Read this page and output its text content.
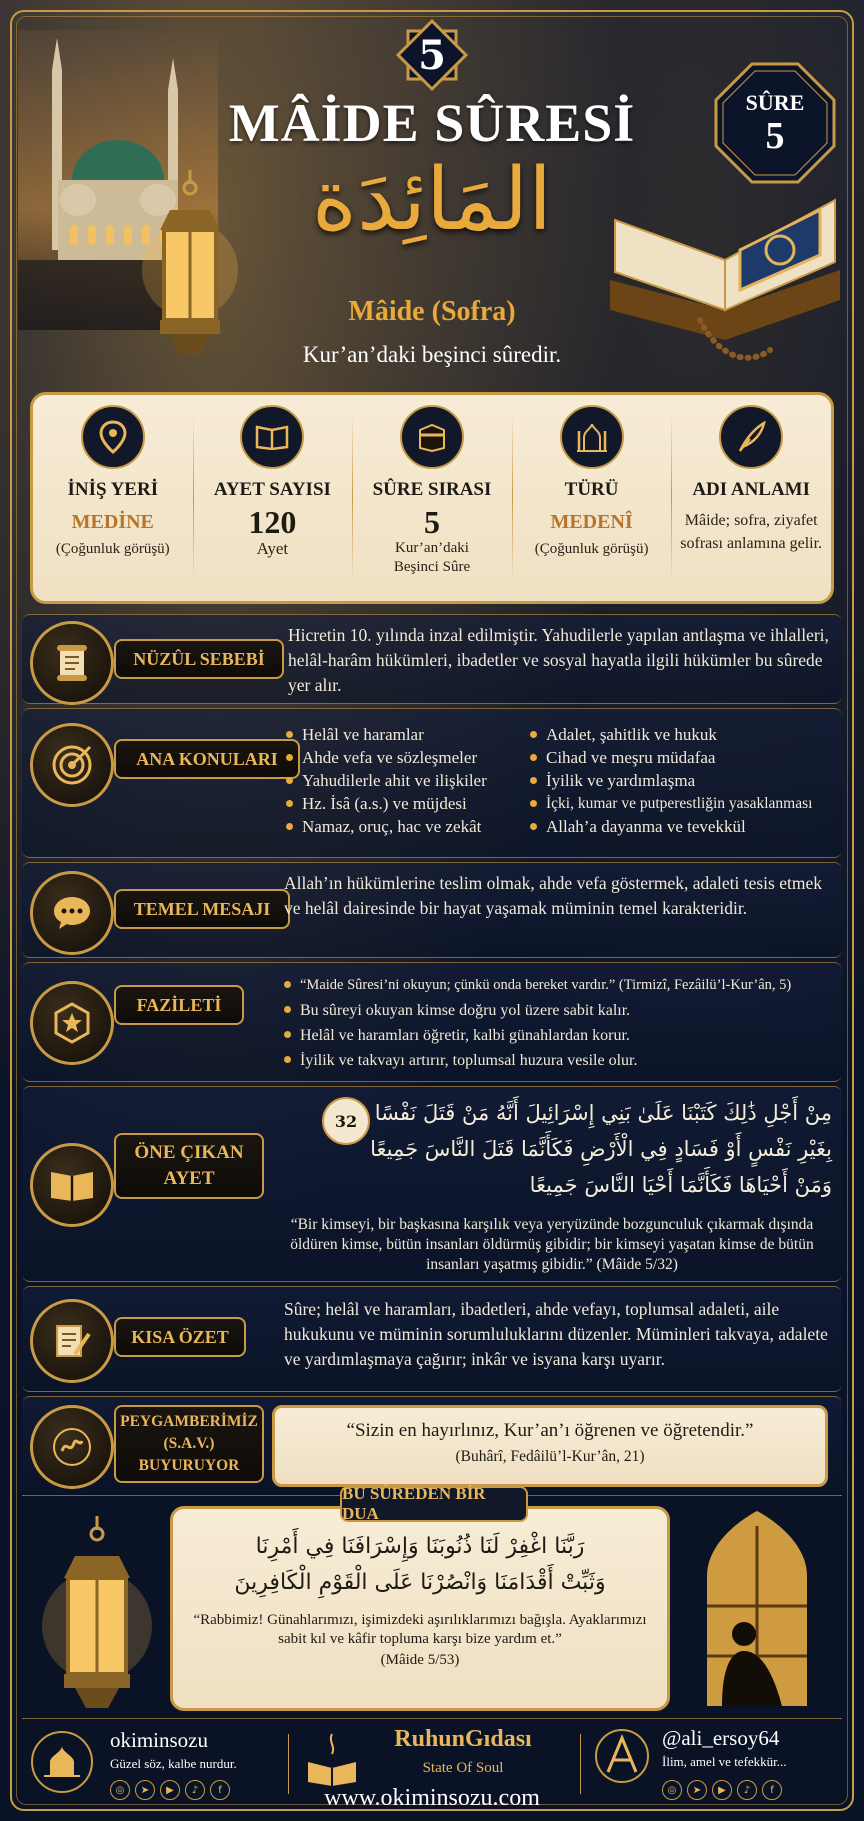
5
MÂİDE SÛRESİ
المَائِدَة
Mâide (Sofra)
Kur’an’daki beşinci sûredir.
SÛRE
5
İNİŞ YERİ
MEDİNE
(Çoğunluk görüşü)
AYET SAYISI
120
Ayet
SÛRE SIRASI
5
Kur’an’daki Beşinci Sûre
TÜRÜ
MEDENÎ
(Çoğunluk görüşü)
ADI ANLAMI
Mâide; sofra, ziyafet sofrası anlamına gelir.
NÜZÛL SEBEBİ
Hicretin 10. yılında inzal edilmiştir. Yahudilerle yapılan antlaşma ve ihlalleri, helâl-harâm hükümleri, ibadetler ve sosyal hayatla ilgili hükümler bu sûrede yer alır.
ANA KONULARI
Helâl ve haramlar
Ahde vefa ve sözleşmeler
Yahudilerle ahit ve ilişkiler
Hz. İsâ (a.s.) ve müjdesi
Namaz, oruç, hac ve zekât
Adalet, şahitlik ve hukuk
Cihad ve meşru müdafaa
İyilik ve yardımlaşma
İçki, kumar ve putperestliğin yasaklanması
Allah’a dayanma ve tevekkül
TEMEL MESAJI
Allah’ın hükümlerine teslim olmak, ahde vefa göstermek, adaleti tesis etmek ve helâl dairesinde bir hayat yaşamak müminin temel karakteridir.
FAZİLETİ
“Maide Sûresi’ni okuyun; çünkü onda bereket vardır.” (Tirmizî, Fezâilü’l-Kur’ân, 5)
Bu sûreyi okuyan kimse doğru yol üzere sabit kalır.
Helâl ve haramları öğretir, kalbi günahlardan korur.
İyilik ve takvayı artırır, toplumsal huzura vesile olur.
ÖNE ÇIKAN AYET
32 مِنْ أَجْلِ ذَٰلِكَ كَتَبْنَا عَلَىٰ بَنِي إِسْرَائِيلَ أَنَّهُ مَنْ قَتَلَ نَفْسًا بِغَيْرِ نَفْسٍ أَوْ فَسَادٍ فِي الْأَرْضِ فَكَأَنَّمَا قَتَلَ النَّاسَ جَمِيعًا وَمَنْ أَحْيَاهَا فَكَأَنَّمَا أَحْيَا النَّاسَ جَمِيعًا
“Bir kimseyi, bir başkasına karşılık veya yeryüzünde bozgunculuk çıkarmak dışında öldüren kimse, bütün insanları öldürmüş gibidir; bir kimseyi yaşatan kimse de bütün insanları yaşatmış gibidir.” (Mâide 5/32)
KISA ÖZET
Sûre; helâl ve haramları, ibadetleri, ahde vefayı, toplumsal adaleti, aile hukukunu ve müminin sorumluluklarını düzenler. Müminleri takvaya, adalete ve yardımlaşmaya çağırır; inkâr ve isyana karşı uyarır.
PEYGAMBERİMİZ (S.A.V.) BUYURUYOR
“Sizin en hayırlınız, Kur’an’ı öğrenen ve öğretendir.”
(Buhârî, Fedâilü’l-Kur’ân, 21)
BU SÛREDEN BİR DUA
رَبَّنَا اغْفِرْ لَنَا ذُنُوبَنَا وَإِسْرَافَنَا فِي أَمْرِنَا
وَثَبِّتْ أَقْدَامَنَا وَانْصُرْنَا عَلَى الْقَوْمِ الْكَافِرِينَ
“Rabbimiz! Günahlarımızı, işimizdeki aşırılıklarımızı bağışla. Ayaklarımızı sabit kıl ve kâfir topluma karşı bize yardım et.”
(Mâide 5/53)
okiminsozu
Güzel söz, kalbe nurdur.
◎	➤	▶	♪	f
RuhunGıdası
State Of Soul
@ali_ersoy64
İlim, amel ve tefekkür...
◎	➤	▶	♪	f
www.okiminsozu.com
